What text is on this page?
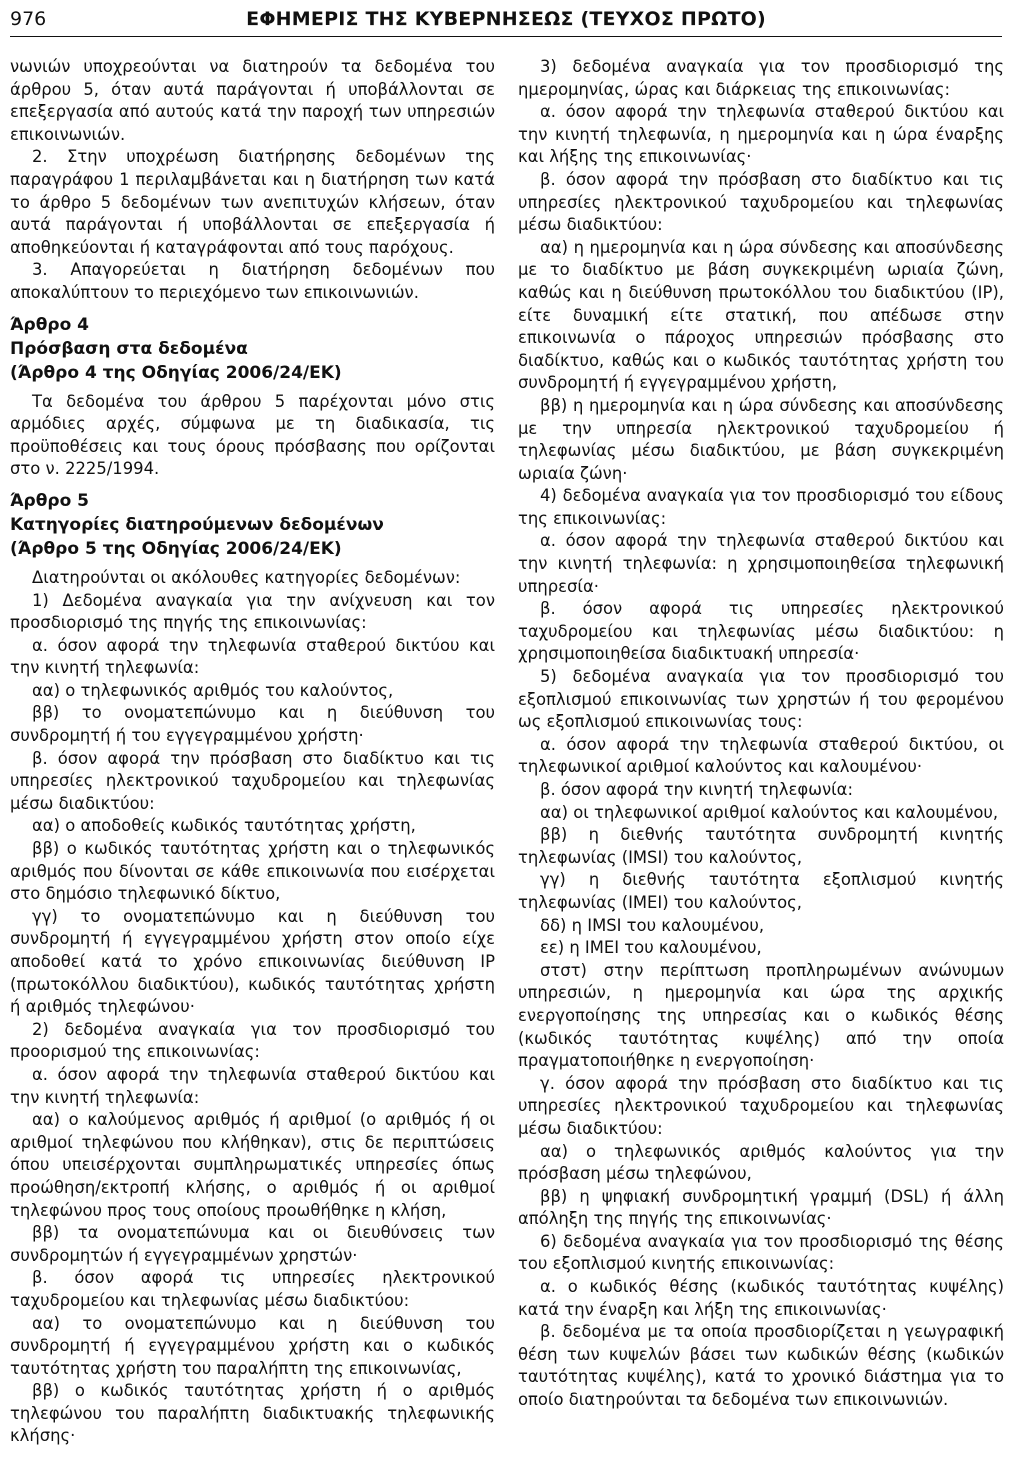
ΕΦΗΜΕΡΙΣ ΤΗΣ ΚΥΒΕΡΝΗΣΕΩΣ (ΤΕΥΧΟΣ ΠΡΩΤΟ)
976

νωνιών υποχρεούνται να διατηρούν τα δεδομένα του άρθρου 5, όταν αυτά παράγονται ή υποβάλλονται σε επεξεργασία από αυτούς κατά την παροχή των υπηρεσιών επικοινωνιών.

2. Στην υποχρέωση διατήρησης δεδομένων της παραγράφου 1 περιλαμβάνεται και η διατήρηση των κατά το άρθρο 5 δεδομένων των ανεπιτυχών κλήσεων, όταν αυτά παράγονται ή υποβάλλονται σε επεξεργασία ή αποθηκεύονται ή καταγράφονται από τους παρόχους.

3. Απαγορεύεται η διατήρηση δεδομένων που αποκαλύπτουν το περιεχόμενο των επικοινωνιών.

Άρθρο 4

Πρόσβαση στα δεδομένα

(Άρθρο 4 της Οδηγίας 2006/24/ΕΚ)

Τα δεδομένα του άρθρου 5 παρέχονται μόνο στις αρμόδιες αρχές, σύμφωνα με τη διαδικασία, τις προϋποθέσεις και τους όρους πρόσβασης που ορίζονται στο ν. 2225/1994.

Άρθρο 5

Κατηγορίες διατηρούμενων δεδομένων

(Άρθρο 5 της Οδηγίας 2006/24/ΕΚ)

Διατηρούνται οι ακόλουθες κατηγορίες δεδομένων:

1) Δεδομένα αναγκαία για την ανίχνευση και τον προσδιορισμό της πηγής της επικοινωνίας:

α. όσον αφορά την τηλεφωνία σταθερού δικτύου και την κινητή τηλεφωνία:

αα) ο τηλεφωνικός αριθμός του καλούντος,

ββ) το ονοματεπώνυμο και η διεύθυνση του συνδρομητή ή του εγγεγραμμένου χρήστη·

β. όσον αφορά την πρόσβαση στο διαδίκτυο και τις υπηρεσίες ηλεκτρονικού ταχυδρομείου και τηλεφωνίας μέσω διαδικτύου:

αα) ο αποδοθείς κωδικός ταυτότητας χρήστη,

ββ) ο κωδικός ταυτότητας χρήστη και ο τηλεφωνικός αριθμός που δίνονται σε κάθε επικοινωνία που εισέρχεται στο δημόσιο τηλεφωνικό δίκτυο,

γγ) το ονοματεπώνυμο και η διεύθυνση του συνδρομητή ή εγγεγραμμένου χρήστη στον οποίο είχε αποδοθεί κατά το χρόνο επικοινωνίας διεύθυνση IP (πρωτοκόλλου διαδικτύου), κωδικός ταυτότητας χρήστη ή αριθμός τηλεφώνου·

2) δεδομένα αναγκαία για τον προσδιορισμό του προορισμού της επικοινωνίας:

α. όσον αφορά την τηλεφωνία σταθερού δικτύου και την κινητή τηλεφωνία:

αα) ο καλούμενος αριθμός ή αριθμοί (ο αριθμός ή οι αριθμοί τηλεφώνου που κλήθηκαν), στις δε περιπτώσεις όπου υπεισέρχονται συμπληρωματικές υπηρεσίες όπως προώθηση/εκτροπή κλήσης, ο αριθμός ή οι αριθμοί τηλεφώνου προς τους οποίους προωθήθηκε η κλήση,

ββ) τα ονοματεπώνυμα και οι διευθύνσεις των συνδρομητών ή εγγεγραμμένων χρηστών·

β. όσον αφορά τις υπηρεσίες ηλεκτρονικού ταχυδρομείου και τηλεφωνίας μέσω διαδικτύου:

αα) το ονοματεπώνυμο και η διεύθυνση του συνδρομητή ή εγγεγραμμένου χρήστη και ο κωδικός ταυτότητας χρήστη του παραλήπτη της επικοινωνίας,

ββ) ο κωδικός ταυτότητας χρήστη ή ο αριθμός τηλεφώνου του παραλήπτη διαδικτυακής τηλεφωνικής κλήσης·

3) δεδομένα αναγκαία για τον προσδιορισμό της ημερομηνίας, ώρας και διάρκειας της επικοινωνίας:

α. όσον αφορά την τηλεφωνία σταθερού δικτύου και την κινητή τηλεφωνία, η ημερομηνία και η ώρα έναρξης και λήξης της επικοινωνίας·

β. όσον αφορά την πρόσβαση στο διαδίκτυο και τις υπηρεσίες ηλεκτρονικού ταχυδρομείου και τηλεφωνίας μέσω διαδικτύου:

αα) η ημερομηνία και η ώρα σύνδεσης και αποσύνδεσης με το διαδίκτυο με βάση συγκεκριμένη ωριαία ζώνη, καθώς και η διεύθυνση πρωτοκόλλου του διαδικτύου (IP), είτε δυναμική είτε στατική, που απέδωσε στην επικοινωνία ο πάροχος υπηρεσιών πρόσβασης στο διαδίκτυο, καθώς και ο κωδικός ταυτότητας χρήστη του συνδρομητή ή εγγεγραμμένου χρήστη,

ββ) η ημερομηνία και η ώρα σύνδεσης και αποσύνδεσης με την υπηρεσία ηλεκτρονικού ταχυδρομείου ή τηλεφωνίας μέσω διαδικτύου, με βάση συγκεκριμένη ωριαία ζώνη·

4) δεδομένα αναγκαία για τον προσδιορισμό του είδους της επικοινωνίας:

α. όσον αφορά την τηλεφωνία σταθερού δικτύου και την κινητή τηλεφωνία: η χρησιμοποιηθείσα τηλεφωνική υπηρεσία·

β. όσον αφορά τις υπηρεσίες ηλεκτρονικού ταχυδρομείου και τηλεφωνίας μέσω διαδικτύου: η χρησιμοποιηθείσα διαδικτυακή υπηρεσία·

5) δεδομένα αναγκαία για τον προσδιορισμό του εξοπλισμού επικοινωνίας των χρηστών ή του φερομένου ως εξοπλισμού επικοινωνίας τους:

α. όσον αφορά την τηλεφωνία σταθερού δικτύου, οι τηλεφωνικοί αριθμοί καλούντος και καλουμένου·

β. όσον αφορά την κινητή τηλεφωνία:

αα) οι τηλεφωνικοί αριθμοί καλούντος και καλουμένου,

ββ) η διεθνής ταυτότητα συνδρομητή κινητής τηλεφωνίας (IMSI) του καλούντος,

γγ) η διεθνής ταυτότητα εξοπλισμού κινητής τηλεφωνίας (IMEI) του καλούντος,

δδ) η IMSI του καλουμένου,

εε) η IMEI του καλουμένου,

στστ) στην περίπτωση προπληρωμένων ανώνυμων υπηρεσιών, η ημερομηνία και ώρα της αρχικής ενεργοποίησης της υπηρεσίας και ο κωδικός θέσης (κωδικός ταυτότητας κυψέλης) από την οποία πραγματοποιήθηκε η ενεργοποίηση·

γ. όσον αφορά την πρόσβαση στο διαδίκτυο και τις υπηρεσίες ηλεκτρονικού ταχυδρομείου και τηλεφωνίας μέσω διαδικτύου:

αα) ο τηλεφωνικός αριθμός καλούντος για την πρόσβαση μέσω τηλεφώνου,

ββ) η ψηφιακή συνδρομητική γραμμή (DSL) ή άλλη απόληξη της πηγής της επικοινωνίας·

6) δεδομένα αναγκαία για τον προσδιορισμό της θέσης του εξοπλισμού κινητής επικοινωνίας:

α. ο κωδικός θέσης (κωδικός ταυτότητας κυψέλης) κατά την έναρξη και λήξη της επικοινωνίας·

β. δεδομένα με τα οποία προσδιορίζεται η γεωγραφική θέση των κυψελών βάσει των κωδικών θέσης (κωδικών ταυτότητας κυψέλης), κατά το χρονικό διάστημα για το οποίο διατηρούνται τα δεδομένα των επικοινωνιών.
